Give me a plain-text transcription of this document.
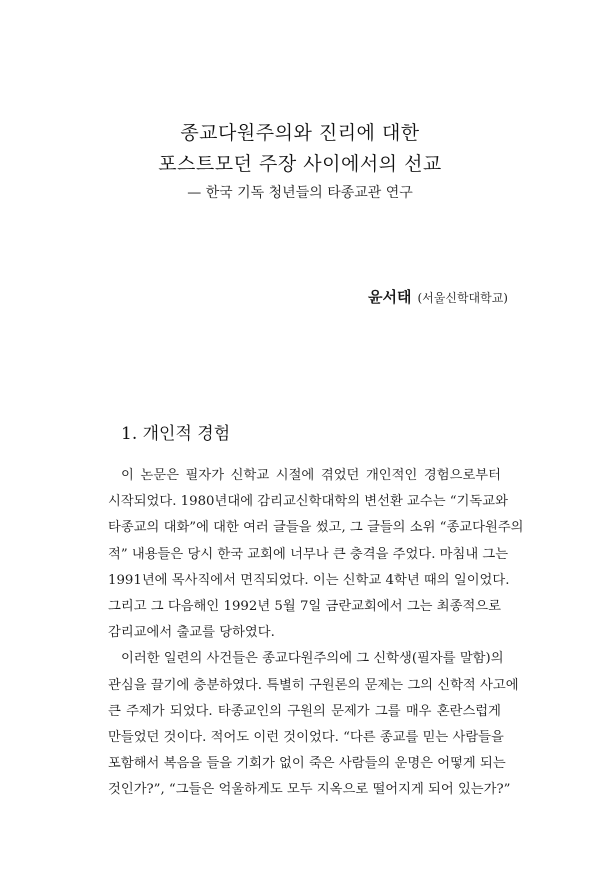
종교다원주의와 진리에 대한
포스트모던 주장 사이에서의 선교
— 한국 기독 청년들의 타종교관 연구
윤서태 (서울신학대학교)
1. 개인적 경험
이 논문은 필자가 신학교 시절에 겪었던 개인적인 경험으로부터
시작되었다. 1980년대에 감리교신학대학의 변선환 교수는 “기독교와
타종교의 대화”에 대한 여러 글들을 썼고, 그 글들의 소위 “종교다원주의
적” 내용들은 당시 한국 교회에 너무나 큰 충격을 주었다. 마침내 그는
1991년에 목사직에서 면직되었다. 이는 신학교 4학년 때의 일이었다.
그리고 그 다음해인 1992년 5월 7일 금란교회에서 그는 최종적으로
감리교에서 출교를 당하였다.
이러한 일련의 사건들은 종교다원주의에 그 신학생(필자를 말함)의
관심을 끌기에 충분하였다. 특별히 구원론의 문제는 그의 신학적 사고에
큰 주제가 되었다. 타종교인의 구원의 문제가 그를 매우 혼란스럽게
만들었던 것이다. 적어도 이런 것이었다. “다른 종교를 믿는 사람들을
포함해서 복음을 들을 기회가 없이 죽은 사람들의 운명은 어떻게 되는
것인가?”, “그들은 억울하게도 모두 지옥으로 떨어지게 되어 있는가?”
